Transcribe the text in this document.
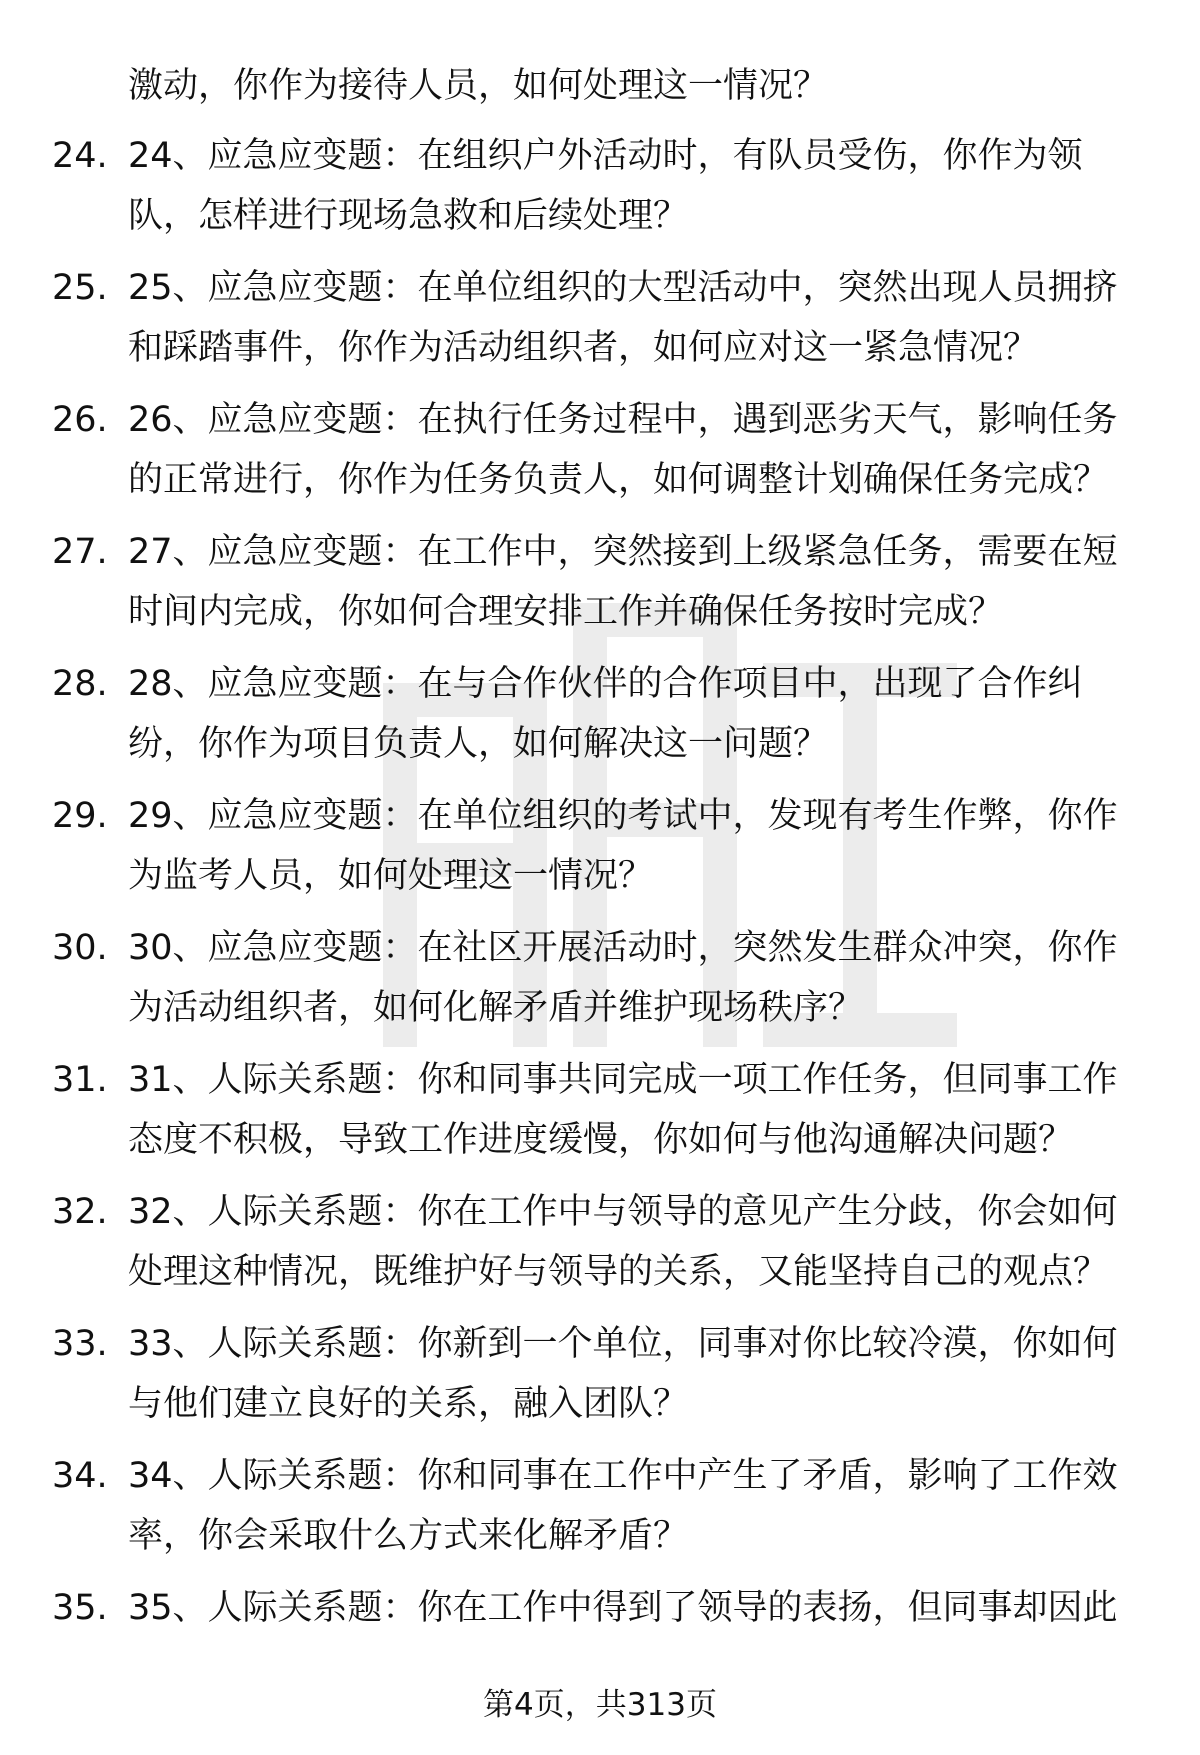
激动，你作为接待人员，如何处理这一情况？
24. 24、应急应变题：在组织户外活动时，有队员受伤，你作为领队，怎样进行现场急救和后续处理？
25. 25、应急应变题：在单位组织的大型活动中，突然出现人员拥挤和踩踏事件，你作为活动组织者，如何应对这一紧急情况？
26. 26、应急应变题：在执行任务过程中，遇到恶劣天气，影响任务的正常进行，你作为任务负责人，如何调整计划确保任务完成？
27. 27、应急应变题：在工作中，突然接到上级紧急任务，需要在短时间内完成，你如何合理安排工作并确保任务按时完成？
28. 28、应急应变题：在与合作伙伴的合作项目中，出现了合作纠纷，你作为项目负责人，如何解决这一问题？
29. 29、应急应变题：在单位组织的考试中，发现有考生作弊，你作为监考人员，如何处理这一情况？
30. 30、应急应变题：在社区开展活动时，突然发生群众冲突，你作为活动组织者，如何化解矛盾并维护现场秩序？
31. 31、人际关系题：你和同事共同完成一项工作任务，但同事工作态度不积极，导致工作进度缓慢，你如何与他沟通解决问题？
32. 32、人际关系题：你在工作中与领导的意见产生分歧，你会如何处理这种情况，既维护好与领导的关系，又能坚持自己的观点？
33. 33、人际关系题：你新到一个单位，同事对你比较冷漠，你如何与他们建立良好的关系，融入团队？
34. 34、人际关系题：你和同事在工作中产生了矛盾，影响了工作效率，你会采取什么方式来化解矛盾？
35. 35、人际关系题：你在工作中得到了领导的表扬，但同事却因此
第4页，共313页
